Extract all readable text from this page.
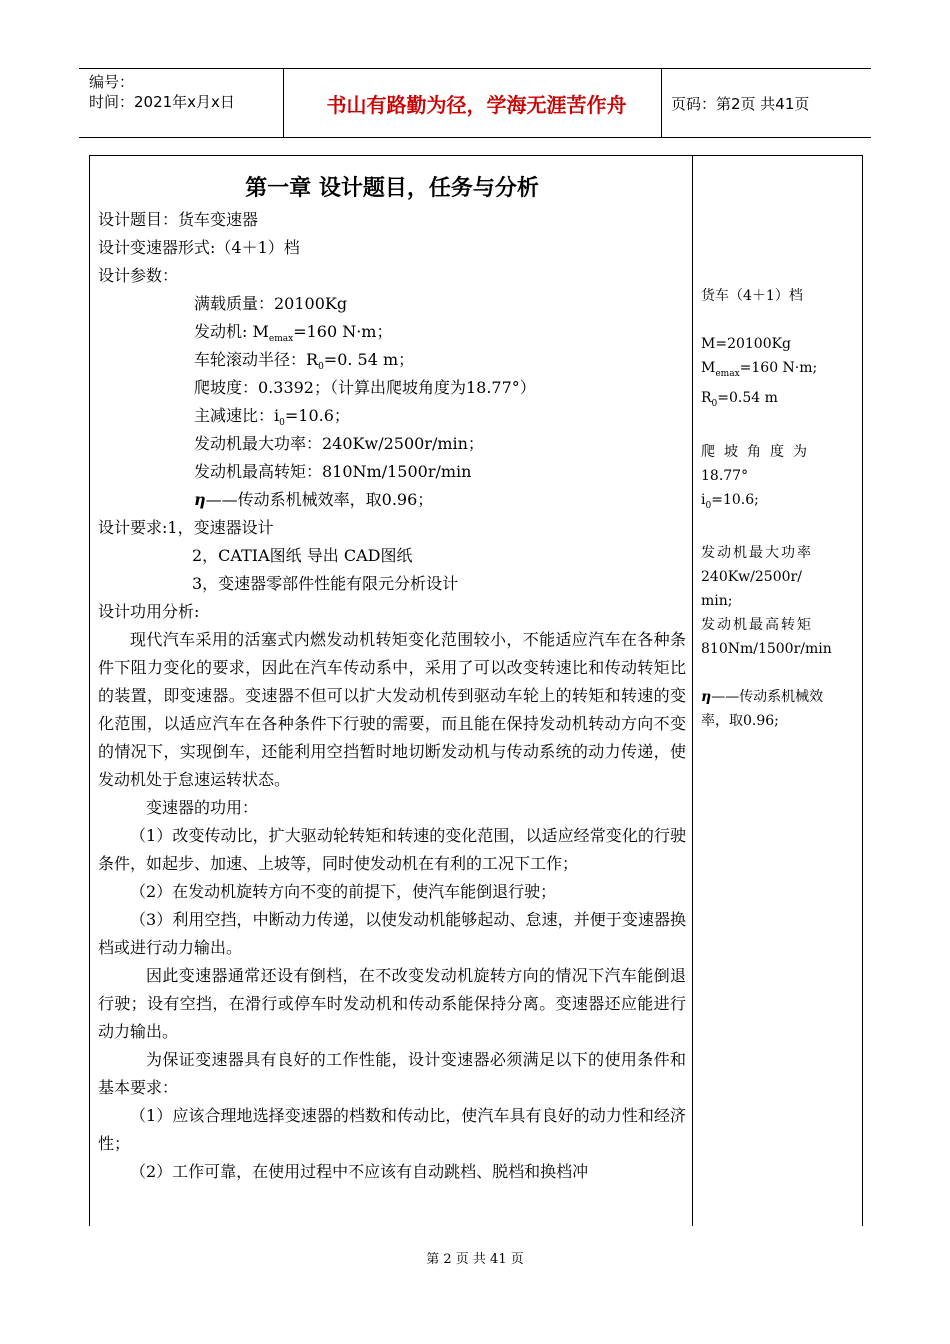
编号：
时间：2021年x月x日	书山有路勤为径，学海无涯苦作舟	页码：第2页 共41页
第一章 设计题目，任务与分析
设计题目：货车变速器
设计变速器形式:（4＋1）档
设计参数：
满载质量：20100Kg
发动机: $M_{emax}=160$ N·m；
车轮滚动半径：$R_0=0$. 54 m；
爬坡度：0.3392；（计算出爬坡角度为18.77°）
主减速比：$i_0=10.6$；
发动机最大功率：240Kw/2500r/min；
发动机最高转矩：810Nm/1500r/min
η——传动系机械效率，取0.96；
设计要求:1，变速器设计
2，CATIA图纸 导出 CAD图纸
3，变速器零部件性能有限元分析设计
设计功用分析:
现代汽车采用的活塞式内燃发动机转矩变化范围较小，不能适应汽车在各种条件下阻力变化的要求，因此在汽车传动系中，采用了可以改变转速比和传动转矩比的装置，即变速器。变速器不但可以扩大发动机传到驱动车轮上的转矩和转速的变化范围，以适应汽车在各种条件下行驶的需要，而且能在保持发动机转动方向不变的情况下，实现倒车，还能利用空挡暂时地切断发动机与传动系统的动力传递，使发动机处于怠速运转状态。
变速器的功用：
（1）改变传动比，扩大驱动轮转矩和转速的变化范围，以适应经常变化的行驶条件，如起步、加速、上坡等，同时使发动机在有利的工况下工作；
（2）在发动机旋转方向不变的前提下，使汽车能倒退行驶；
（3）利用空挡，中断动力传递，以使发动机能够起动、怠速，并便于变速器换档或进行动力输出。
因此变速器通常还设有倒档，在不改变发动机旋转方向的情况下汽车能倒退行驶；设有空挡，在滑行或停车时发动机和传动系能保持分离。变速器还应能进行动力输出。
为保证变速器具有良好的工作性能，设计变速器必须满足以下的使用条件和基本要求：
（1）应该合理地选择变速器的档数和传动比，使汽车具有良好的动力性和经济性；
（2）工作可靠，在使用过程中不应该有自动跳档、脱档和换档冲
货车（4＋1）档
M=20100Kg
$M_{emax}=160$ N·m;
$R_0=0.54$ m
爬坡角度为
18.77°
$i_0=10.6$;
发动机最大功率
240Kw/2500r/
min;
发动机最高转矩
810Nm/1500r/min
η——传动系机械效
率，取0.96;
第 2 页 共 41 页
